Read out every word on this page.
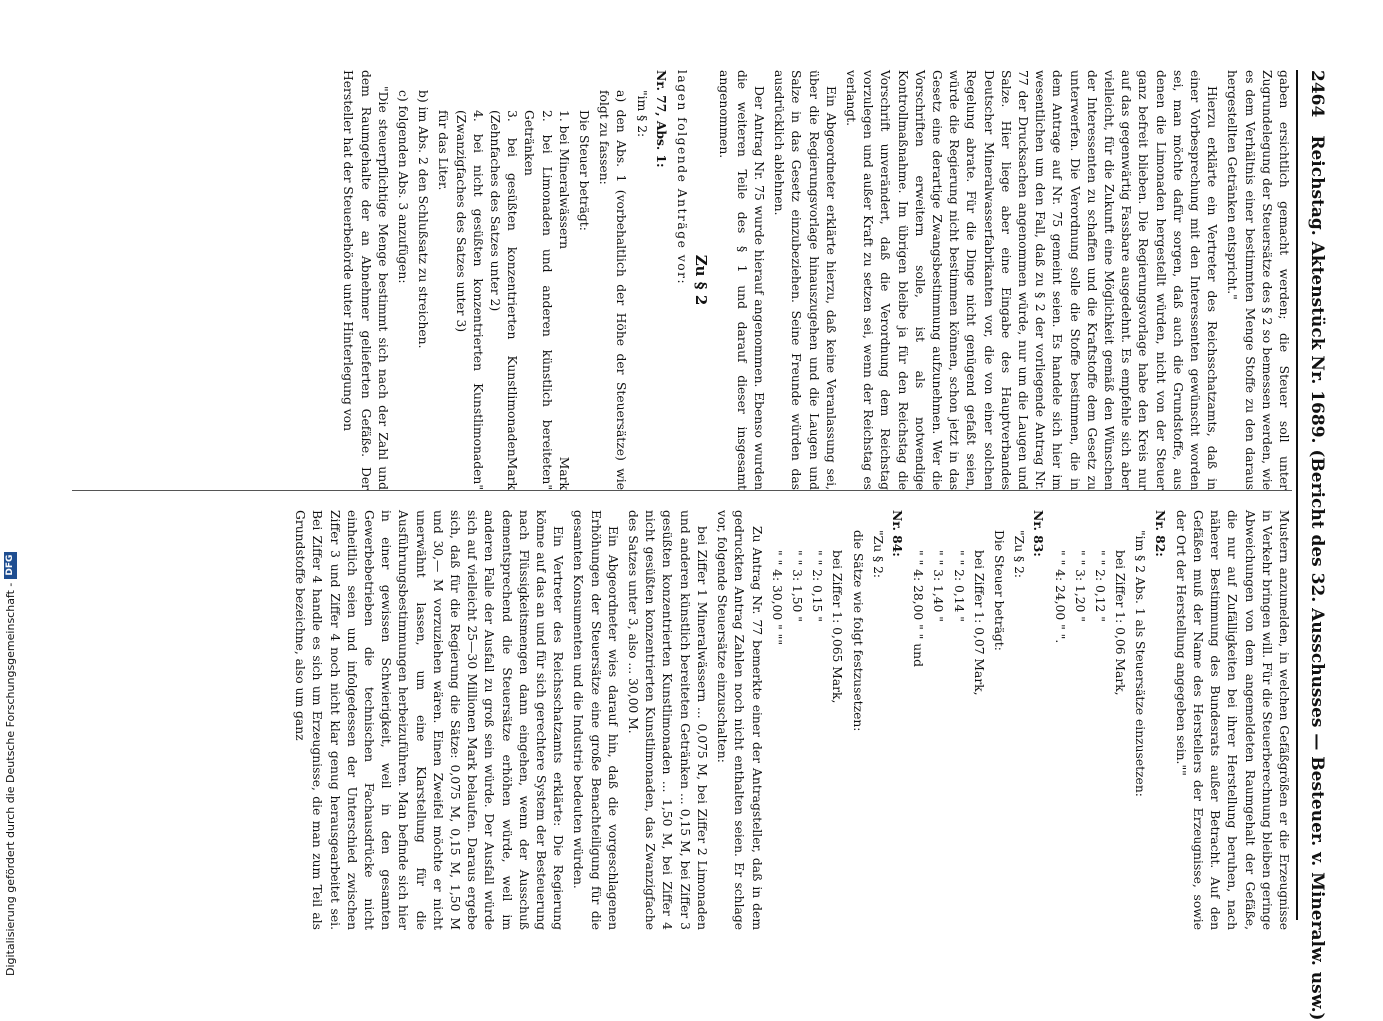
Digitalisierung gefördert durch die Deutsche Forschungsgemeinschaft -
DFG
2464
Reichstag. Aktenstück Nr. 1689. (Bericht des 32. Ausschusses — Besteuer. v. Mineralw. usw.)

gaben ersichtlich gemacht werden; die Steuer soll unter Zugrundelegung der Steuersätze des § 2 so bemessen werden, wie es dem Verhältnis einer bestimmten Menge Stoffe zu den daraus hergestellten Getränken entspricht."

Hierzu erklärte ein Vertreter des Reichsschatzamts, daß in einer Vorbesprechung mit den Interessenten gewünscht worden sei, man möchte dafür sorgen, daß auch die Grundstoffe, aus denen die Limonaden hergestellt würden, nicht von der Steuer ganz befreit blieben. Die Regierungsvorlage habe den Kreis nur auf das gegenwärtig Fassbare ausgedehnt. Es empfehle sich aber vielleicht, für die Zukunft eine Möglichkeit gemäß den Wünschen der Interessenten zu schaffen und die Kraftstoffe dem Gesetz zu unterwerfen. Die Verordnung solle die Stoffe bestimmen, die in dem Antrage auf Nr. 75 gemeint seien. Es handele sich hier im wesentlichen um den Fall, daß zu § 2 der vorliegende Antrag Nr. 77 der Drucksachen angenommen würde, nur um die Laugen und Salze. Hier liege aber eine Eingabe des Hauptverbandes Deutscher Mineralwasserfabrikanten vor, die von einer solchen Regelung abrate. Für die Dinge nicht genügend gefaßt seien, würde die Regierung nicht bestimmen können, schon jetzt in das Gesetz eine derartige Zwangsbestimmung aufzunehmen. Wer die Vorschriften erweitern solle, ist als notwendige Kontrollmaßnahme. Im übrigen bleibe ja für den Reichstag die Vorschrift unverändert, daß die Verordnung dem Reichstag vorzulegen und außer Kraft zu setzen sei, wenn der Reichstag es verlangt.

Ein Abgeordneter erklärte hierzu, daß keine Veranlassung sei, über die Regierungsvorlage hinauszugehen und die Laugen und Salze in das Gesetz einzubeziehen. Seine Freunde würden das ausdrücklich ablehnen.

Der Antrag Nr. 75 wurde hierauf angenommen. Ebenso wurden die weiteren Teile des § 1 und darauf dieser insgesamt angenommen.

Zu § 2

lagen folgende Anträge vor:

Nr. 77, Abs. 1:

"im § 2:

a) den Abs. 1 (vorbehaltlich der Höhe der Steuersätze) wie folgt zu fassen:

Die Steuer beträgt:

1. bei Mineralwässern
Mark
2. bei Limonaden und anderen künstlich bereiteten Getränken
"
3. bei gesüßten konzentrierten Kunstlimonaden (Zehnfaches des Satzes unter 2)
Mark
4. bei nicht gesüßten konzentrierten Kunstlimonaden (Zwanzigfaches des Satzes unter 3)
"

für das Liter.

b) im Abs. 2 den Schlußsatz zu streichen.

c) folgenden Abs. 3 anzufügen:

"Die steuerpflichtige Menge bestimmt sich nach der Zahl und dem Raumgehalte der an Abnehmer gelieferten Gefäße. Der Hersteller hat der Steuerbehörde unter Hinterlegung von

Mustern anzumelden, in welchen Gefäßgrößen er die Erzeugnisse in Verkehr bringen will. Für die Steuerberechnung bleiben geringe Abweichungen von dem angemeldeten Raumgehalt der Gefäße, die nur auf Zufälligkeiten bei ihrer Herstellung beruhen, nach näherer Bestimmung des Bundesrats außer Betracht. Auf den Gefäßen muß der Name des Herstellers der Erzeugnisse, sowie der Ort der Herstellung angegeben sein.""

Nr. 82:

"im § 2 Abs. 1 als Steuersätze einzusetzen:

bei Ziffer 1: 0,06 Mark,

" " 2: 0,12 "

" " 3: 1,20 "

" " 4: 24,00 " ".

Nr. 83:

"Zu § 2:

Die Steuer beträgt:

bei Ziffer 1: 0,07 Mark,

" " 2: 0,14 "

" " 3: 1,40 "

" " 4: 28,00 " " und

Nr. 84:

"Zu § 2:

die Sätze wie folgt festzusetzen:

bei Ziffer 1: 0,065 Mark,

" " 2: 0,15 "

" " 3: 1,50 "

" " 4: 30,00 " ""

Zu Antrag Nr. 77 bemerkte einer der Antragsteller, daß in dem gedruckten Antrag Zahlen noch nicht enthalten seien. Er schlage vor, folgende Steuersätze einzuschalten:

bei Ziffer 1 Mineralwässern ... 0,075 M, bei Ziffer 2 Limonaden und anderen künstlich bereiteten Getränken ... 0,15 M, bei Ziffer 3 gesüßten konzentrierten Kunstlimonaden ... 1,50 M, bei Ziffer 4 nicht gesüßten konzentrierten Kunstlimonaden, das Zwanzigfache des Satzes unter 3, also ... 30,00 M.

Ein Abgeordneter wies darauf hin, daß die vorgeschlagenen Erhöhungen der Steuersätze eine große Benachteiligung für die gesamten Konsumenten und die Industrie bedeuten würden.

Ein Vertreter des Reichsschatzamts erklärte: Die Regierung könne auf das an und für sich gerechtere System der Besteuerung nach Flüssigkeitsmengen dann eingehen, wenn der Ausschuß dementsprechend die Steuersätze erhöhen würde, weil im anderen Falle der Ausfall zu groß sein würde. Der Ausfall würde sich auf vielleicht 25—30 Millionen Mark belaufen. Daraus ergebe sich, daß für die Regierung die Sätze: 0,075 M, 0,15 M, 1,50 M und 30,— M vorzuziehen wären. Einen Zweifel möchte er nicht unerwähnt lassen, um eine Klarstellung für die Ausführungsbestimmungen herbeizuführen. Man befinde sich hier in einer gewissen Schwierigkeit, weil in den gesamten Gewerbebetrieben die technischen Fachausdrücke nicht einheitlich seien und infolgedessen der Unterschied zwischen Ziffer 3 und Ziffer 4 noch nicht klar genug herausgearbeitet sei. Bei Ziffer 4 handle es sich um Erzeugnisse, die man zum Teil als Grundstoffe bezeichne, also um ganz
